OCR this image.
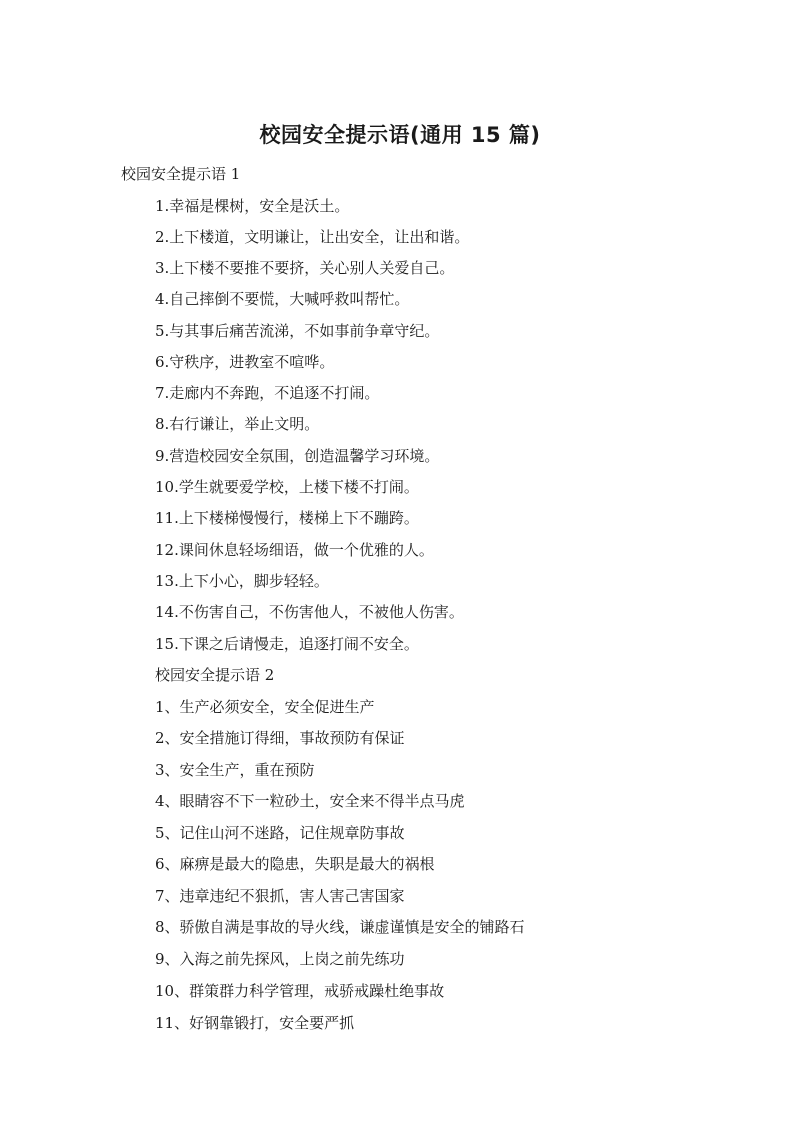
校园安全提示语(通用 15 篇)
校园安全提示语 1
1.幸福是棵树，安全是沃土。
2.上下楼道，文明谦让，让出安全，让出和谐。
3.上下楼不要推不要挤，关心别人关爱自己。
4.自己摔倒不要慌，大喊呼救叫帮忙。
5.与其事后痛苦流涕，不如事前争章守纪。
6.守秩序，进教室不喧哗。
7.走廊内不奔跑，不追逐不打闹。
8.右行谦让，举止文明。
9.营造校园安全氛围，创造温馨学习环境。
10.学生就要爱学校，上楼下楼不打闹。
11.上下楼梯慢慢行，楼梯上下不蹦跨。
12.课间休息轻场细语，做一个优雅的人。
13.上下小心，脚步轻轻。
14.不伤害自己，不伤害他人，不被他人伤害。
15.下课之后请慢走，追逐打闹不安全。
校园安全提示语 2
1、生产必须安全，安全促进生产
2、安全措施订得细，事故预防有保证
3、安全生产，重在预防
4、眼睛容不下一粒砂土，安全来不得半点马虎
5、记住山河不迷路，记住规章防事故
6、麻痹是最大的隐患，失职是最大的祸根
7、违章违纪不狠抓，害人害己害国家
8、骄傲自满是事故的导火线，谦虚谨慎是安全的铺路石
9、入海之前先探风，上岗之前先练功
10、群策群力科学管理，戒骄戒躁杜绝事故
11、好钢靠锻打，安全要严抓
